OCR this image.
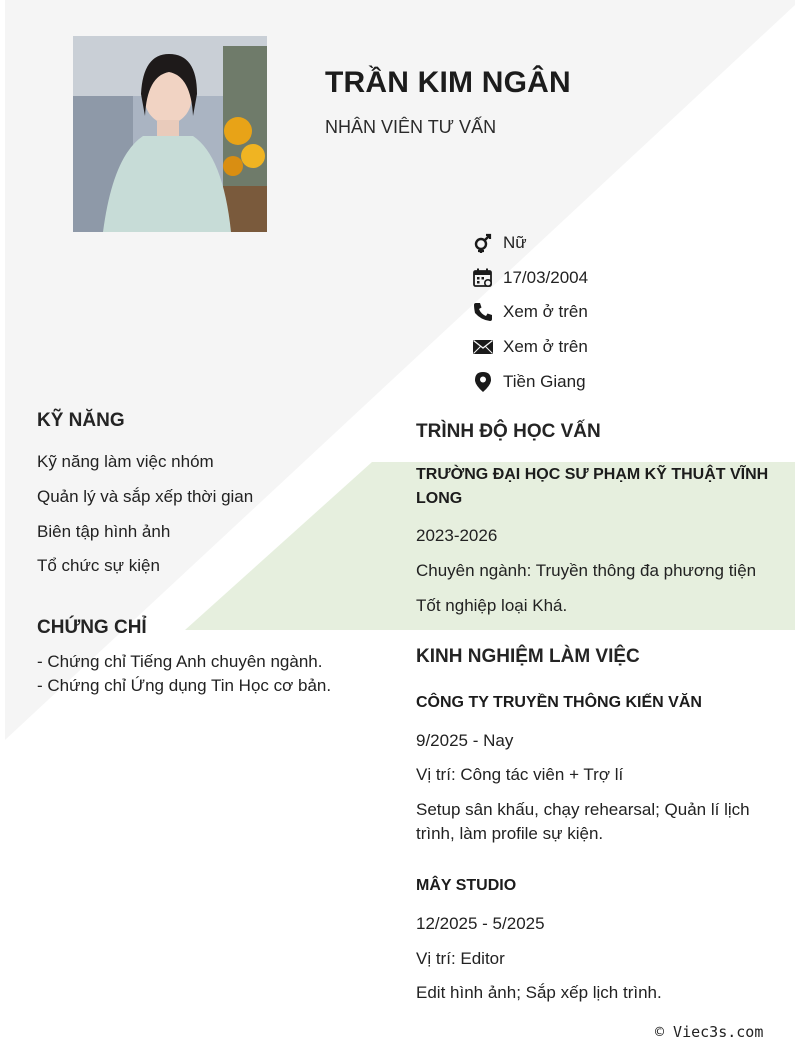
TRẦN KIM NGÂN
NHÂN VIÊN TƯ VẤN
Nữ
17/03/2004
Xem ở trên
Xem ở trên
Tiền Giang
KỸ NĂNG
Kỹ năng làm việc nhóm
Quản lý và sắp xếp thời gian
Biên tập hình ảnh
Tổ chức sự kiện
CHỨNG CHỈ
- Chứng chỉ Tiếng Anh chuyên ngành.
- Chứng chỉ Ứng dụng Tin Học cơ bản.
TRÌNH ĐỘ HỌC VẤN
TRƯỜNG ĐẠI HỌC SƯ PHẠM KỸ THUẬT VĨNH LONG
2023-2026
Chuyên ngành: Truyền thông đa phương tiện
Tốt nghiệp loại Khá.
KINH NGHIỆM LÀM VIỆC
CÔNG TY TRUYỀN THÔNG KIẾN VĂN
9/2025 - Nay
Vị trí: Công tác viên + Trợ lí
Setup sân khấu, chạy rehearsal; Quản lí lịch trình, làm profile sự kiện.
MÂY STUDIO
12/2025 - 5/2025
Vị trí: Editor
Edit hình ảnh; Sắp xếp lịch trình.
© Viec3s.com
